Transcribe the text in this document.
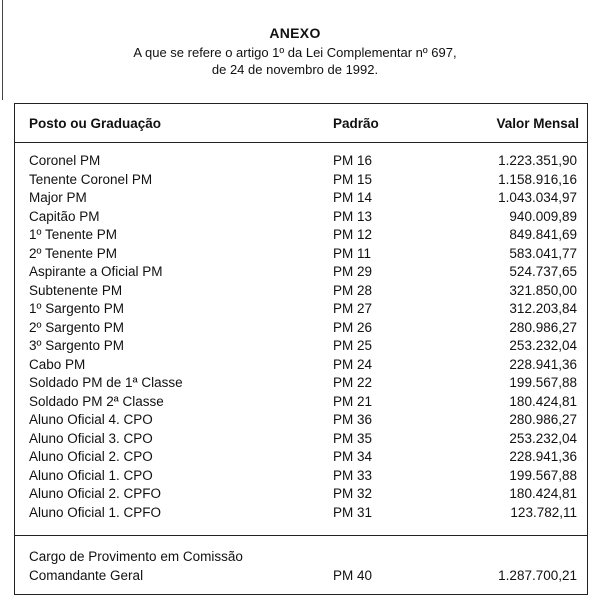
ANEXO
A que se refere o artigo 1º da Lei Complementar nº 697,
de 24 de novembro de 1992.
Posto ou Graduação	Padrão	Valor Mensal
Coronel PM	PM 16	1.223.351,90
Tenente Coronel PM	PM 15	1.158.916,16
Major PM	PM 14	1.043.034,97
Capitão PM	PM 13	940.009,89
1º Tenente PM	PM 12	849.841,69
2º Tenente PM	PM 11	583.041,77
Aspirante a Oficial PM	PM 29	524.737,65
Subtenente PM	PM 28	321.850,00
1º Sargento PM	PM 27	312.203,84
2º Sargento PM	PM 26	280.986,27
3º Sargento PM	PM 25	253.232,04
Cabo PM	PM 24	228.941,36
Soldado PM de 1ª Classe	PM 22	199.567,88
Soldado PM 2ª Classe	PM 21	180.424,81
Aluno Oficial 4. CPO	PM 36	280.986,27
Aluno Oficial 3. CPO	PM 35	253.232,04
Aluno Oficial 2. CPO	PM 34	228.941,36
Aluno Oficial 1. CPO	PM 33	199.567,88
Aluno Oficial 2. CPFO	PM 32	180.424,81
Aluno Oficial 1. CPFO	PM 31	123.782,11
Cargo de Provimento em Comissão
Comandante Geral	PM 40	1.287.700,21
